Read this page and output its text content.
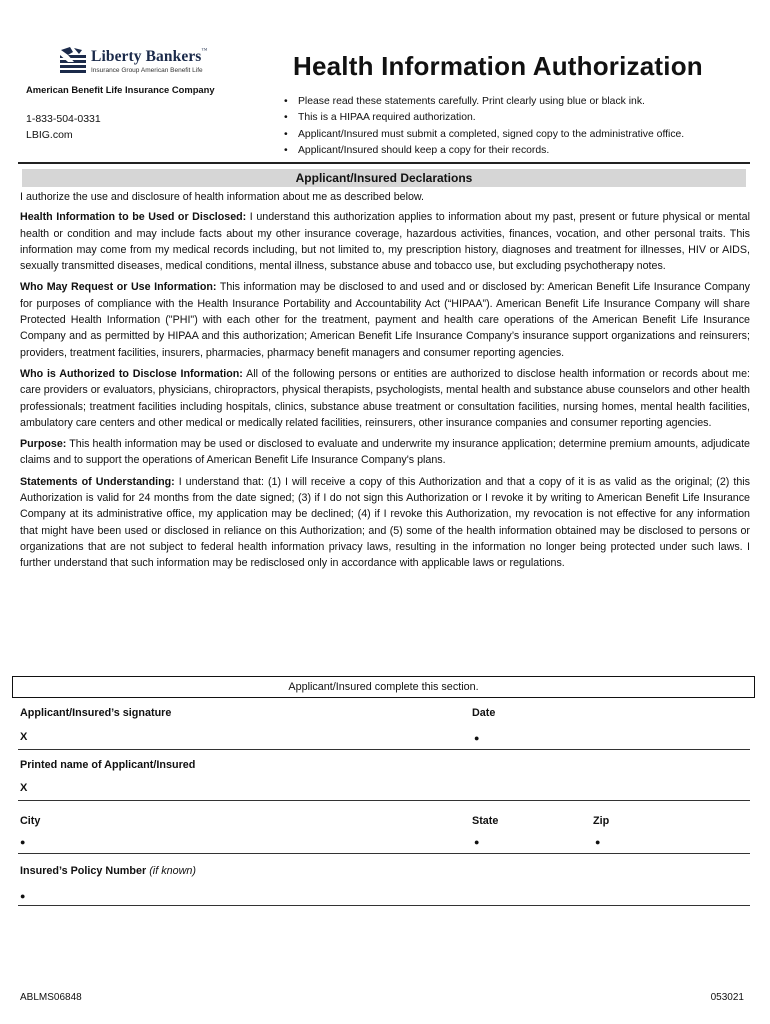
Liberty Bankers™
Insurance Group American Benefit Life
American Benefit Life Insurance Company
1-833-504-0331
LBIG.com
Health Information Authorization
• Please read these statements carefully. Print clearly using blue or black ink.
• This is a HIPAA required authorization.
• Applicant/Insured must submit a completed, signed copy to the administrative office.
• Applicant/Insured should keep a copy for their records.
Applicant/Insured Declarations

I authorize the use and disclosure of health information about me as described below.

Health Information to be Used or Disclosed: I understand this authorization applies to information about my past, present or future physical or mental health or condition and may include facts about my other insurance coverage, hazardous activities, finances, vocation, and other personal traits. This information may come from my medical records including, but not limited to, my prescription history, diagnoses and treatment for illnesses, HIV or AIDS, sexually transmitted diseases, medical conditions, mental illness, substance abuse and tobacco use, but excluding psychotherapy notes.

Who May Request or Use Information: This information may be disclosed to and used and or disclosed by: American Benefit Life Insurance Company for purposes of compliance with the Health Insurance Portability and Accountability Act (“HIPAA”). American Benefit Life Insurance Company will share Protected Health Information ("PHI") with each other for the treatment, payment and health care operations of the American Benefit Life Insurance Company and as permitted by HIPAA and this authorization; American Benefit Life Insurance Company’s insurance support organizations and reinsurers; providers, treatment facilities, insurers, pharmacies, pharmacy benefit managers and consumer reporting agencies.

Who is Authorized to Disclose Information: All of the following persons or entities are authorized to disclose health information or records about me: care providers or evaluators, physicians, chiropractors, physical therapists, psychologists, mental health and substance abuse counselors and other health professionals; treatment facilities including hospitals, clinics, substance abuse treatment or consultation facilities, nursing homes, mental health facilities, ambulatory care centers and other medical or medically related facilities, reinsurers, other insurance companies and consumer reporting agencies.

Purpose: This health information may be used or disclosed to evaluate and underwrite my insurance application; determine premium amounts, adjudicate claims and to support the operations of American Benefit Life Insurance Company's plans.

Statements of Understanding: I understand that: (1) I will receive a copy of this Authorization and that a copy of it is as valid as the original; (2) this Authorization is valid for 24 months from the date signed; (3) if I do not sign this Authorization or I revoke it by writing to American Benefit Life Insurance Company at its administrative office, my application may be declined; (4) if I revoke this Authorization, my revocation is not effective for any information that might have been used or disclosed in reliance on this Authorization; and (5) some of the health information obtained may be disclosed to persons or organizations that are not subject to federal health information privacy laws, resulting in the information no longer being protected under such laws. I further understand that such information may be redisclosed only in accordance with applicable laws or regulations.

Applicant/Insured complete this section.
Applicant/Insured’s signature	Date
X	●
Printed name of Applicant/Insured
X
City	State	Zip
●	●	●
Insured’s Policy Number (if known)
●
ABLMS06848	053021
